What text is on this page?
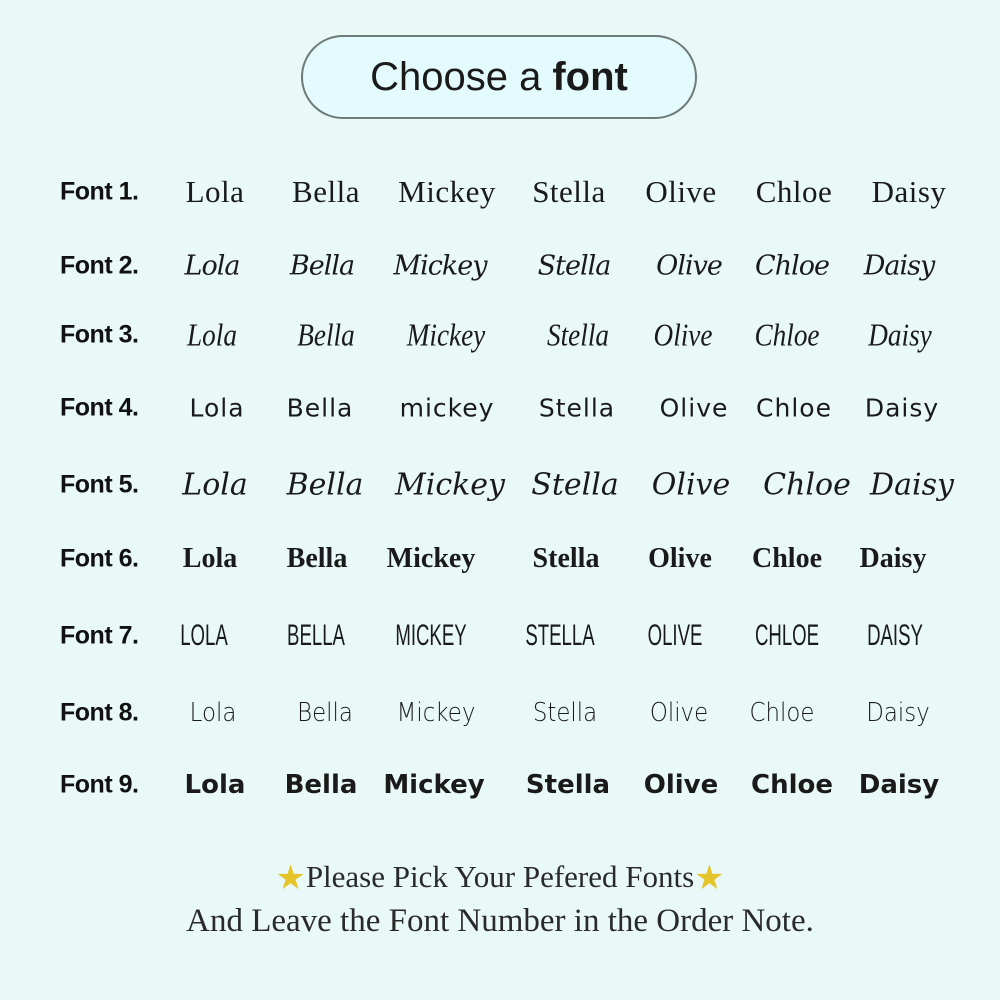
Choose a font
Font 1. Lola Bella Mickey Stella Olive Chloe Daisy
Font 2. Lola Bella Mickey Stella Olive Chloe Daisy
Font 3. Lola Bella Mickey Stella Olive Chloe Daisy
Font 4. Lola Bella mickey Stella Olive Chloe Daisy
Font 5. Lola Bella Mickey Stella Olive Chloe Daisy
Font 6. Lola Bella Mickey Stella Olive Chloe Daisy
Font 7. LOLA BELLA MICKEY STELLA OLIVE CHLOE DAISY
Font 8. Lola Bella Mickey Stella Olive Chloe Daisy
Font 9. Lola Bella Mickey Stella Olive Chloe Daisy
★Please Pick Your Pefered Fonts★
And Leave the Font Number in the Order Note.
